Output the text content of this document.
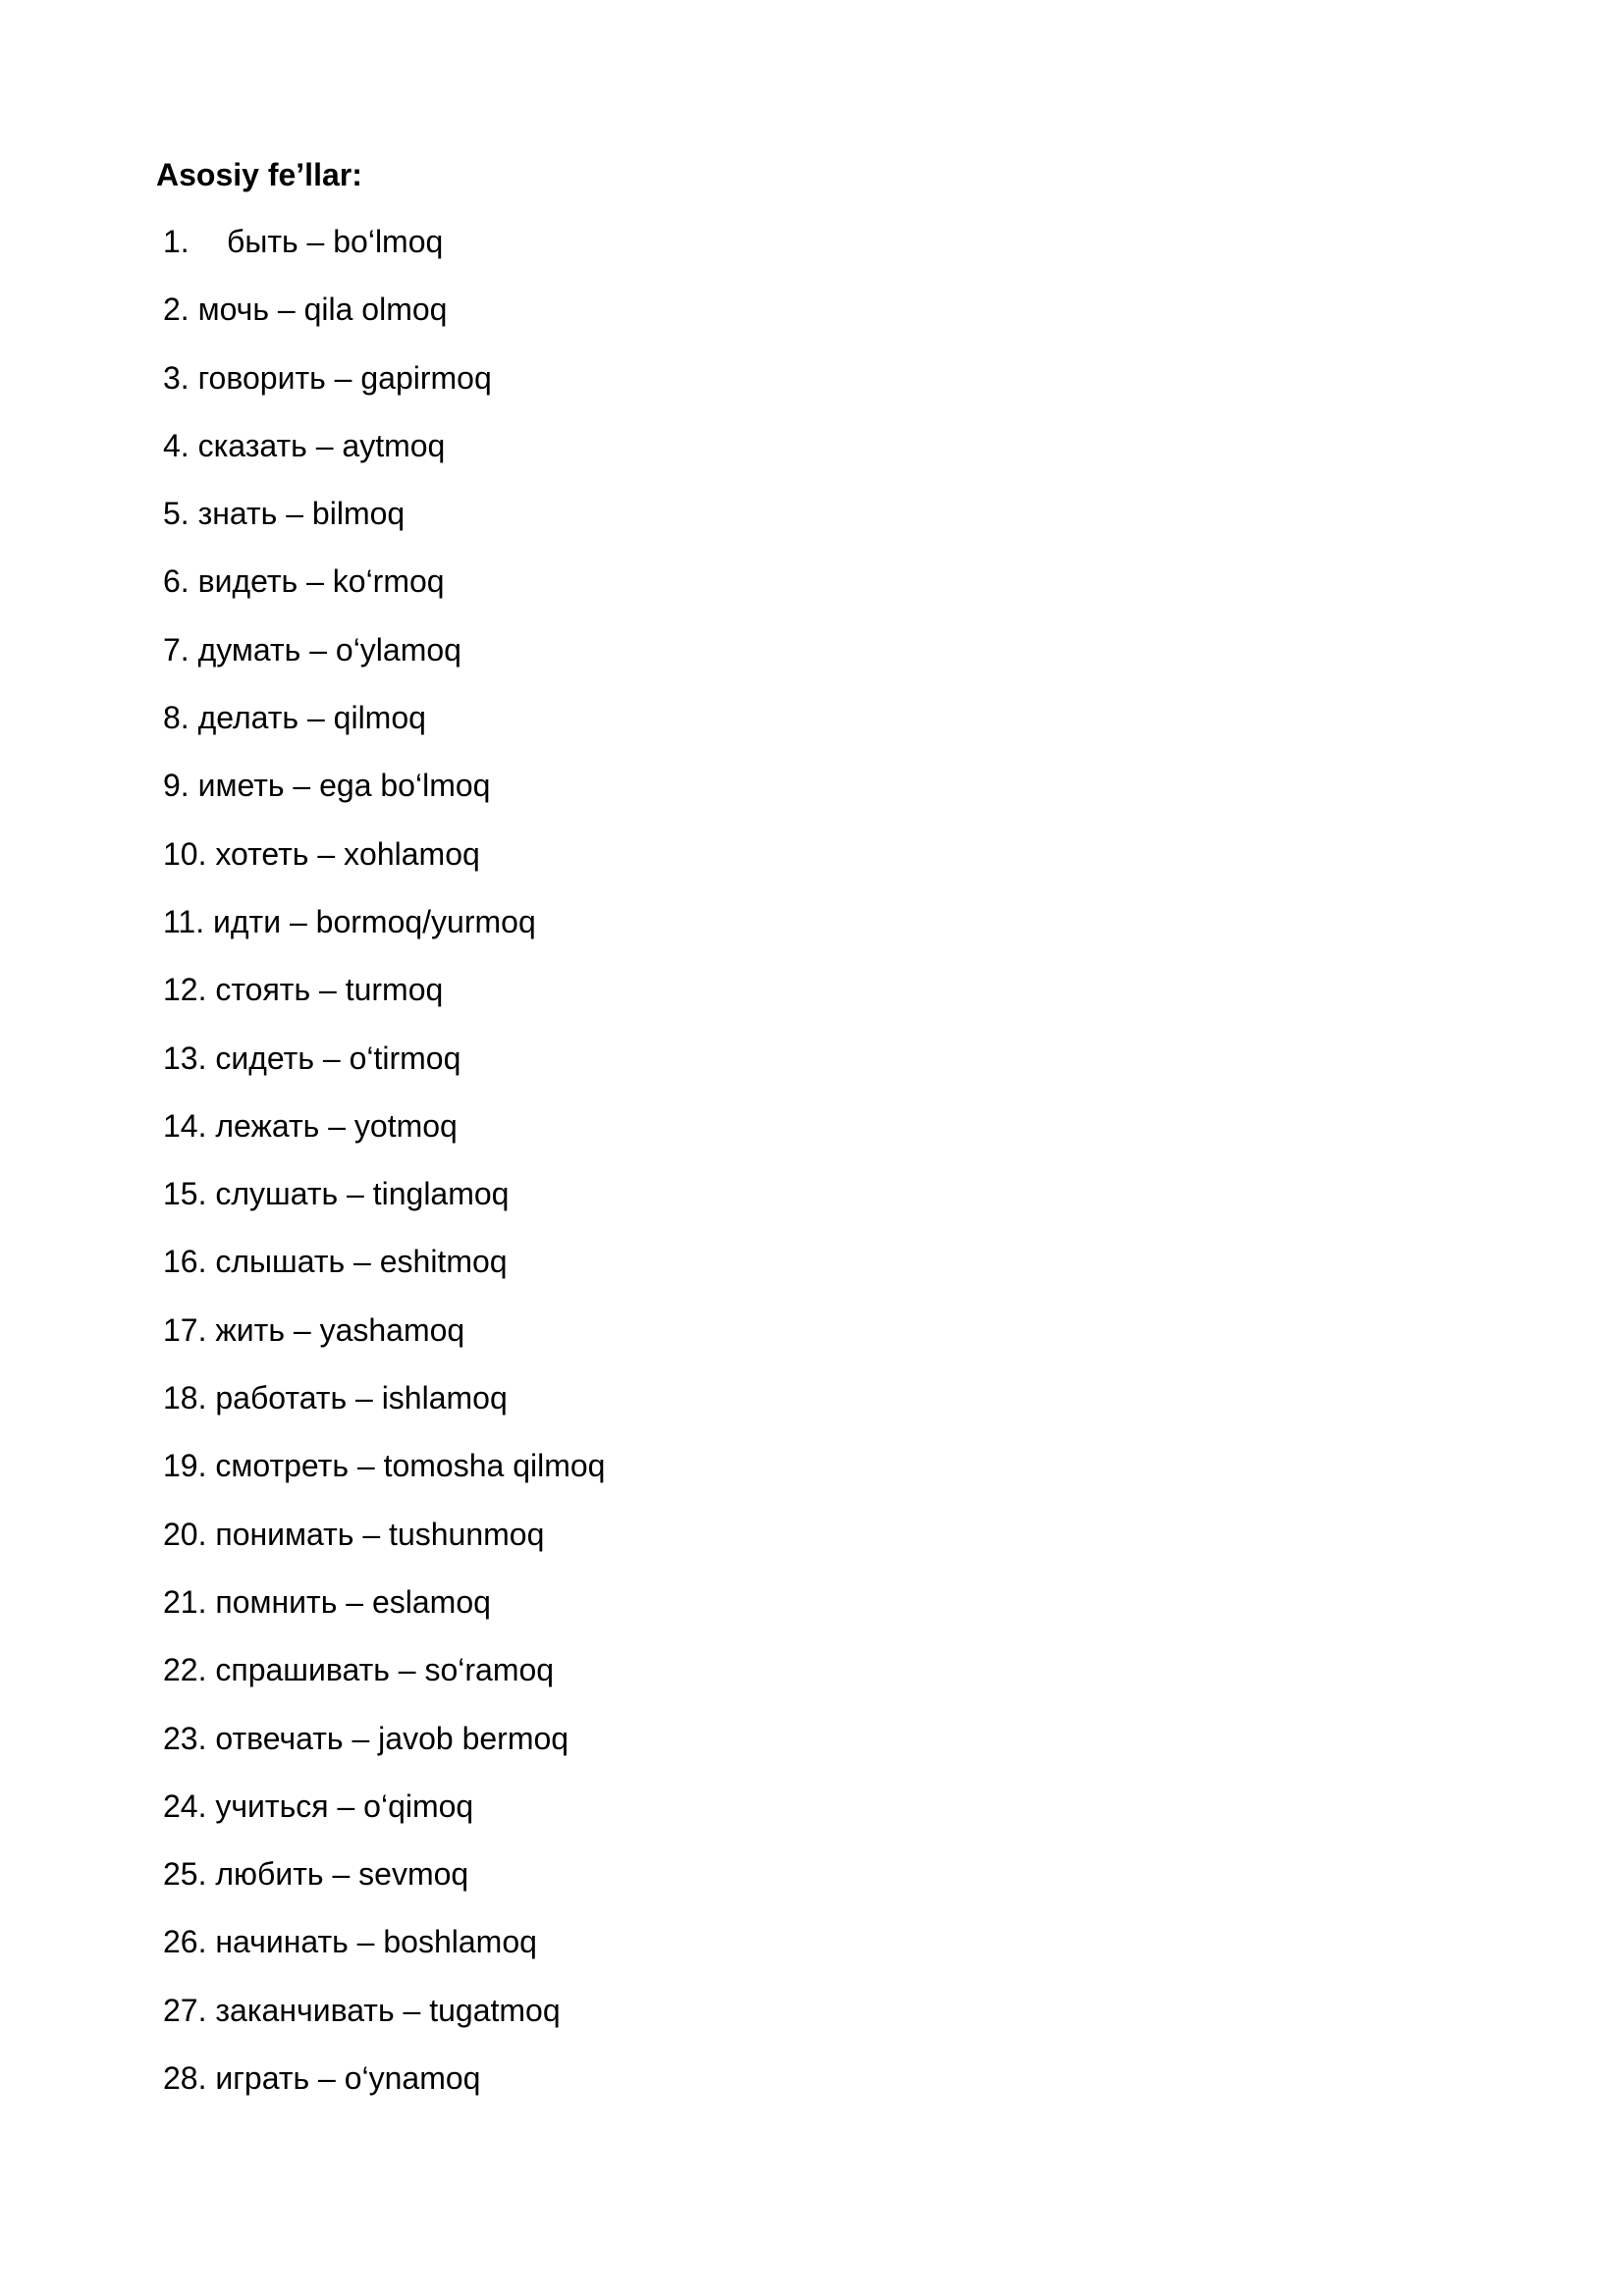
Asosiy fe’llar:
1. быть – bo‘lmoq
2. мочь – qila olmoq
3. говорить – gapirmoq
4. сказать – aytmoq
5. знать – bilmoq
6. видеть – ko‘rmoq
7. думать – o‘ylamoq
8. делать – qilmoq
9. иметь – ega bo‘lmoq
10. хотеть – xohlamoq
11. идти – bormoq/yurmoq
12. стоять – turmoq
13. сидеть – o‘tirmoq
14. лежать – yotmoq
15. слушать – tinglamoq
16. слышать – eshitmoq
17. жить – yashamoq
18. работать – ishlamoq
19. смотреть – tomosha qilmoq
20. понимать – tushunmoq
21. помнить – eslamoq
22. спрашивать – so‘ramoq
23. отвечать – javob bermoq
24. учиться – o‘qimoq
25. любить – sevmoq
26. начинать – boshlamoq
27. заканчивать – tugatmoq
28. играть – o‘ynamoq
